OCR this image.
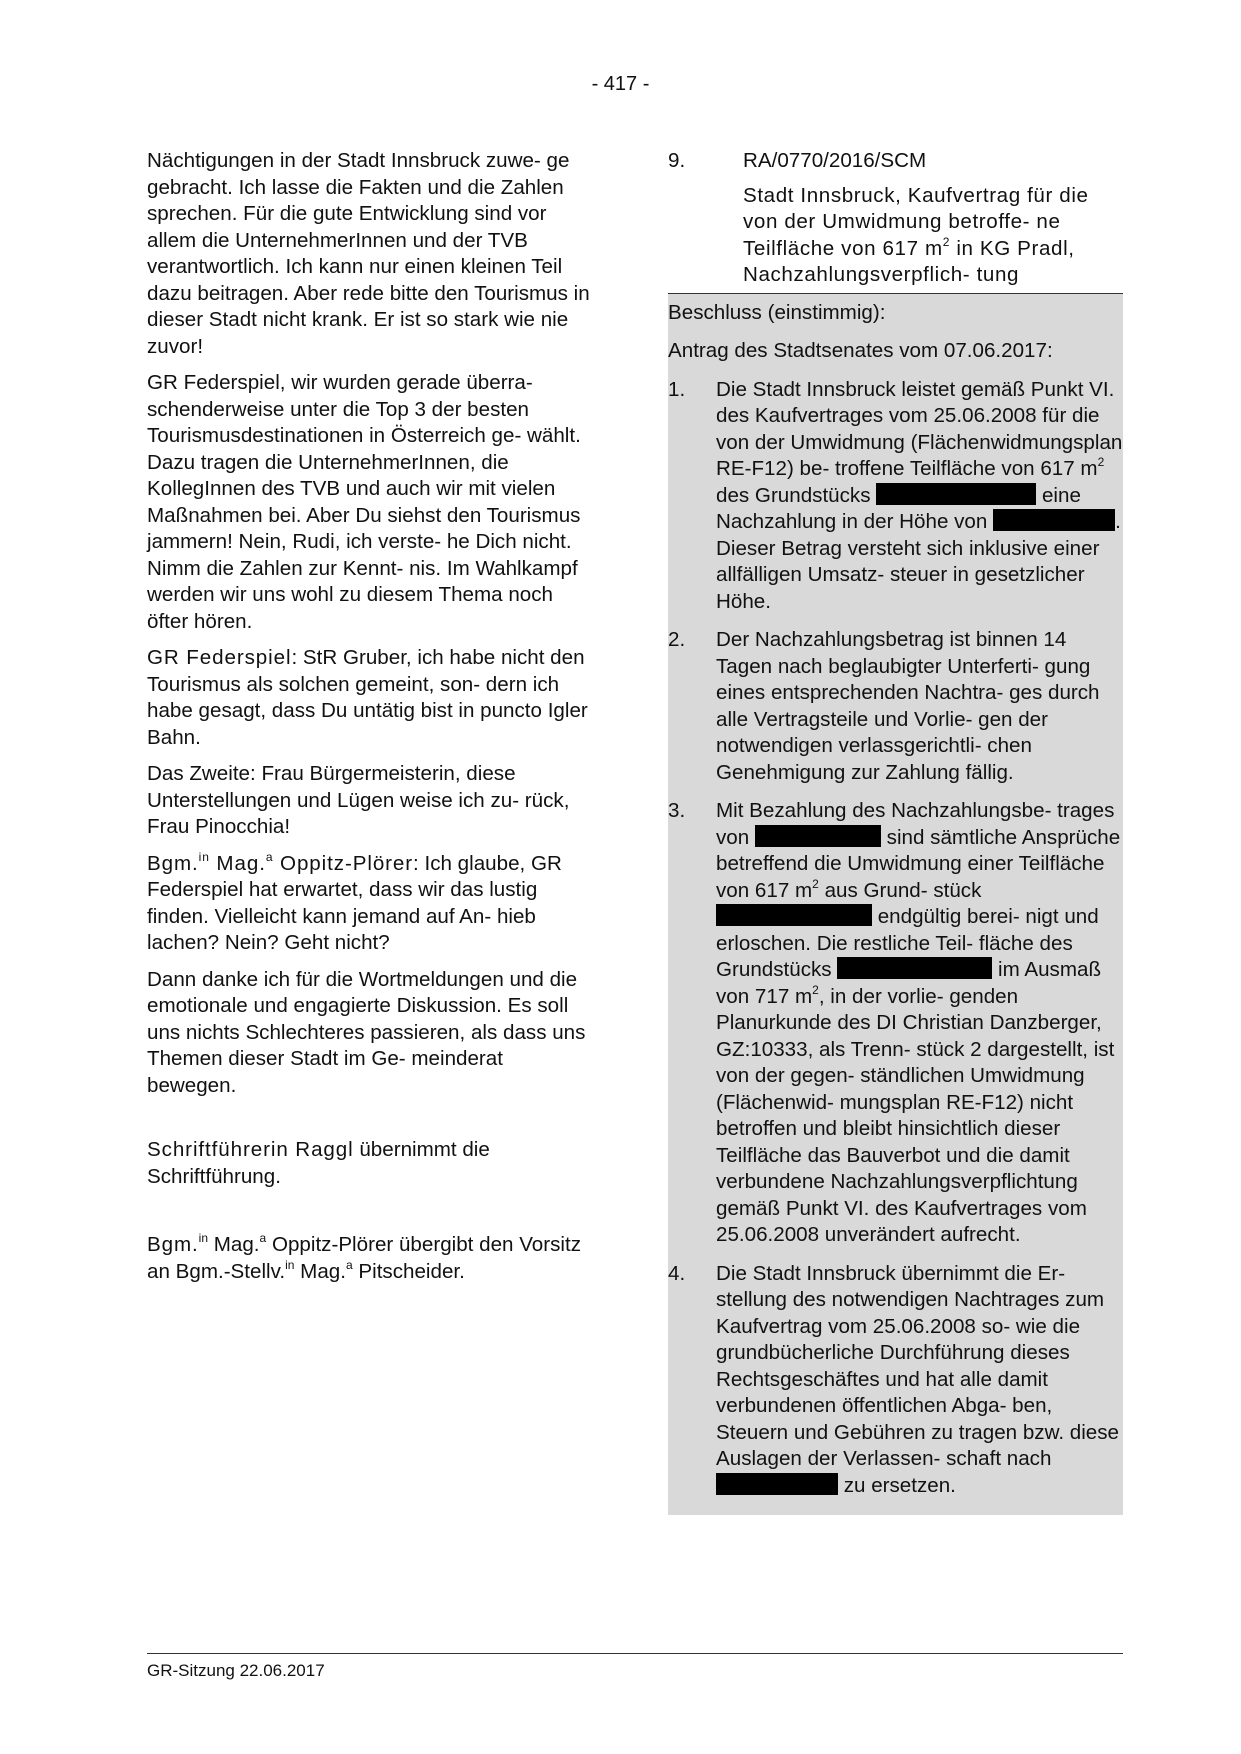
- 417 -

Nächtigungen in der Stadt Innsbruck zuwe- ge gebracht. Ich lasse die Fakten und die Zahlen sprechen. Für die gute Entwicklung sind vor allem die UnternehmerInnen und der TVB verantwortlich. Ich kann nur einen kleinen Teil dazu beitragen. Aber rede bitte den Tourismus in dieser Stadt nicht krank. Er ist so stark wie nie zuvor!

GR Federspiel, wir wurden gerade überra- schenderweise unter die Top 3 der besten Tourismusdestinationen in Österreich ge- wählt. Dazu tragen die UnternehmerInnen, die KollegInnen des TVB und auch wir mit vielen Maßnahmen bei. Aber Du siehst den Tourismus jammern! Nein, Rudi, ich verste- he Dich nicht. Nimm die Zahlen zur Kennt- nis. Im Wahlkampf werden wir uns wohl zu diesem Thema noch öfter hören.

GR Federspiel: StR Gruber, ich habe nicht den Tourismus als solchen gemeint, son- dern ich habe gesagt, dass Du untätig bist in puncto Igler Bahn.

Das Zweite: Frau Bürgermeisterin, diese Unterstellungen und Lügen weise ich zu- rück, Frau Pinocchia!

Bgm.$^{in}$ Mag.$^a$ Oppitz-Plörer: Ich glaube, GR Federspiel hat erwartet, dass wir das lustig finden. Vielleicht kann jemand auf An- hieb lachen? Nein? Geht nicht?

Dann danke ich für die Wortmeldungen und die emotionale und engagierte Diskussion. Es soll uns nichts Schlechteres passieren, als dass uns Themen dieser Stadt im Ge- meinderat bewegen.

Schriftführerin Raggl übernimmt die Schriftführung.

Bgm.$^{in}$ Mag.$^a$ Oppitz-Plörer übergibt den Vorsitz an Bgm.-Stellv.$^{in}$ Mag.$^a$ Pitscheider.

9.	RA/0770/2016/SCM
Stadt Innsbruck, Kaufvertrag für die von der Umwidmung betroffe- ne Teilfläche von 617 $m^2$ in KG Pradl, Nachzahlungsverpflich- tung

Beschluss (einstimmig):

Antrag des Stadtsenates vom 07.06.2017:

1.	Die Stadt Innsbruck leistet gemäß Punkt VI. des Kaufvertrages vom 25.06.2008 für die von der Umwidmung (Flächenwidmungsplan RE-F12) be- troffene Teilfläche von 617 $m^2$ des Grundstücks	eine Nachzahlung in der Höhe von	. Dieser Betrag versteht sich inklusive einer allfälligen Umsatz- steuer in gesetzlicher Höhe.
2.	Der Nachzahlungsbetrag ist binnen 14 Tagen nach beglaubigter Unterferti- gung eines entsprechenden Nachtra- ges durch alle Vertragsteile und Vorlie- gen der notwendigen verlassgerichtli- chen Genehmigung zur Zahlung fällig.
3.	Mit Bezahlung des Nachzahlungsbe- trages von	sind sämtliche Ansprüche betreffend die Umwidmung einer Teilfläche von 617 $m^2$ aus Grund- stück  endgültig berei- nigt und erloschen. Die restliche Teil- fläche des Grundstücks	im Ausmaß von 717 $m^2$, in der vorlie- genden Planurkunde des DI Christian Danzberger, GZ:10333, als Trenn- stück 2 dargestellt, ist von der gegen- ständlichen Umwidmung (Flächenwid- mungsplan RE-F12) nicht betroffen und bleibt hinsichtlich dieser Teilfläche das Bauverbot und die damit verbundene Nachzahlungsverpflichtung gemäß Punkt VI. des Kaufvertrages vom 25.06.2008 unverändert aufrecht.
4.	Die Stadt Innsbruck übernimmt die Er- stellung des notwendigen Nachtrages zum Kaufvertrag vom 25.06.2008 so- wie die grundbücherliche Durchführung dieses Rechtsgeschäftes und hat alle damit verbundenen öffentlichen Abga- ben, Steuern und Gebühren zu tragen bzw. diese Auslagen der Verlassen- schaft nach  zu ersetzen.
GR-Sitzung 22.06.2017
